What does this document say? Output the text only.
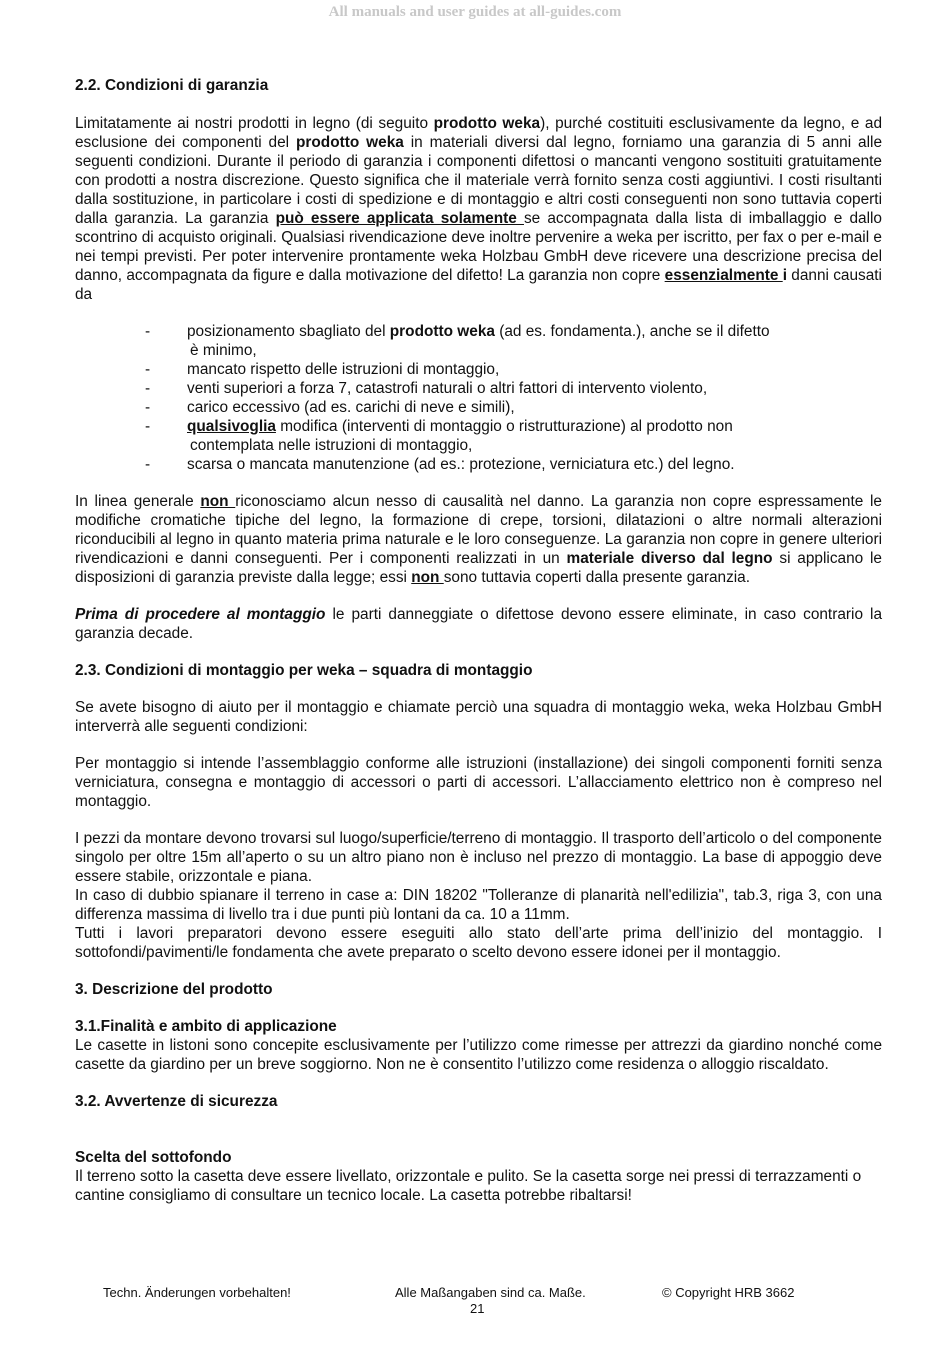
All manuals and user guides at all-guides.com
2.2. Condizioni di garanzia

Limitatamente ai nostri prodotti in legno (di seguito prodotto weka), purché costituiti esclusivamente da legno, e ad esclusione dei componenti del prodotto weka in materiali diversi dal legno, forniamo una garanzia di 5 anni alle seguenti condizioni. Durante il periodo di garanzia i componenti difettosi o mancanti vengono sostituiti gratuitamente con prodotti a nostra discrezione. Questo significa che il materiale verrà fornito senza costi aggiuntivi. I costi risultanti dalla sostituzione, in particolare i costi di spedizione e di montaggio e altri costi conseguenti non sono tuttavia coperti dalla garanzia. La garanzia può essere applicata solamente se accompagnata dalla lista di imballaggio e dallo scontrino di acquisto originali. Qualsiasi rivendicazione deve inoltre pervenire a weka per iscritto, per fax o per e-mail e nei tempi previsti. Per poter intervenire prontamente weka Holzbau GmbH deve ricevere una descrizione precisa del danno, accompagnata da figure e dalla motivazione del difetto! La garanzia non copre essenzialmente i danni causati da

- posizionamento sbagliato del prodotto weka (ad es. fondamenta.), anche se il difetto
è minimo,
- mancato rispetto delle istruzioni di montaggio,
- venti superiori a forza 7, catastrofi naturali o altri fattori di intervento violento,
- carico eccessivo (ad es. carichi di neve e simili),
- qualsivoglia modifica (interventi di montaggio o ristrutturazione) al prodotto non
contemplata nelle istruzioni di montaggio,
- scarsa o mancata manutenzione (ad es.: protezione, verniciatura etc.) del legno.

In linea generale non riconosciamo alcun nesso di causalità nel danno. La garanzia non copre espressamente le modifiche cromatiche tipiche del legno, la formazione di crepe, torsioni, dilatazioni o altre normali alterazioni riconducibili al legno in quanto materia prima naturale e le loro conseguenze. La garanzia non copre in genere ulteriori rivendicazioni e danni conseguenti. Per i componenti realizzati in un materiale diverso dal legno si applicano le disposizioni di garanzia previste dalla legge; essi non sono tuttavia coperti dalla presente garanzia.

Prima di procedere al montaggio le parti danneggiate o difettose devono essere eliminate, in caso contrario la garanzia decade.

2.3. Condizioni di montaggio per weka – squadra di montaggio

Se avete bisogno di aiuto per il montaggio e chiamate perciò una squadra di montaggio weka, weka Holzbau GmbH interverrà alle seguenti condizioni:

Per montaggio si intende l’assemblaggio conforme alle istruzioni (installazione) dei singoli componenti forniti senza verniciatura, consegna e montaggio di accessori o parti di accessori. L’allacciamento elettrico non è compreso nel montaggio.

I pezzi da montare devono trovarsi sul luogo/superficie/terreno di montaggio. Il trasporto dell’articolo o del componente singolo per oltre 15m all’aperto o su un altro piano non è incluso nel prezzo di montaggio. La base di appoggio deve essere stabile, orizzontale e piana.

In caso di dubbio spianare il terreno in case a: DIN 18202 "Tolleranze di planarità nell'edilizia", tab.3, riga 3, con una differenza massima di livello tra i due punti più lontani da ca. 10 a 11mm.

Tutti i lavori preparatori devono essere eseguiti allo stato dell’arte prima dell’inizio del montaggio. I sottofondi/pavimenti/le fondamenta che avete preparato o scelto devono essere idonei per il montaggio.

3. Descrizione del prodotto
3.1.Finalità e ambito di applicazione

Le casette in listoni sono concepite esclusivamente per l’utilizzo come rimesse per attrezzi da giardino nonché come casette da giardino per un breve soggiorno. Non ne è consentito l’utilizzo come residenza o alloggio riscaldato.

3.2. Avvertenze di sicurezza
Scelta del sottofondo

Il terreno sotto la casetta deve essere livellato, orizzontale e pulito. Se la casetta sorge nei pressi di terrazzamenti o cantine consigliamo di consultare un tecnico locale. La casetta potrebbe ribaltarsi!

Techn. Änderungen vorbehalten!	Alle Maßangaben sind ca. Maße.	© Copyright HRB 3662
21
